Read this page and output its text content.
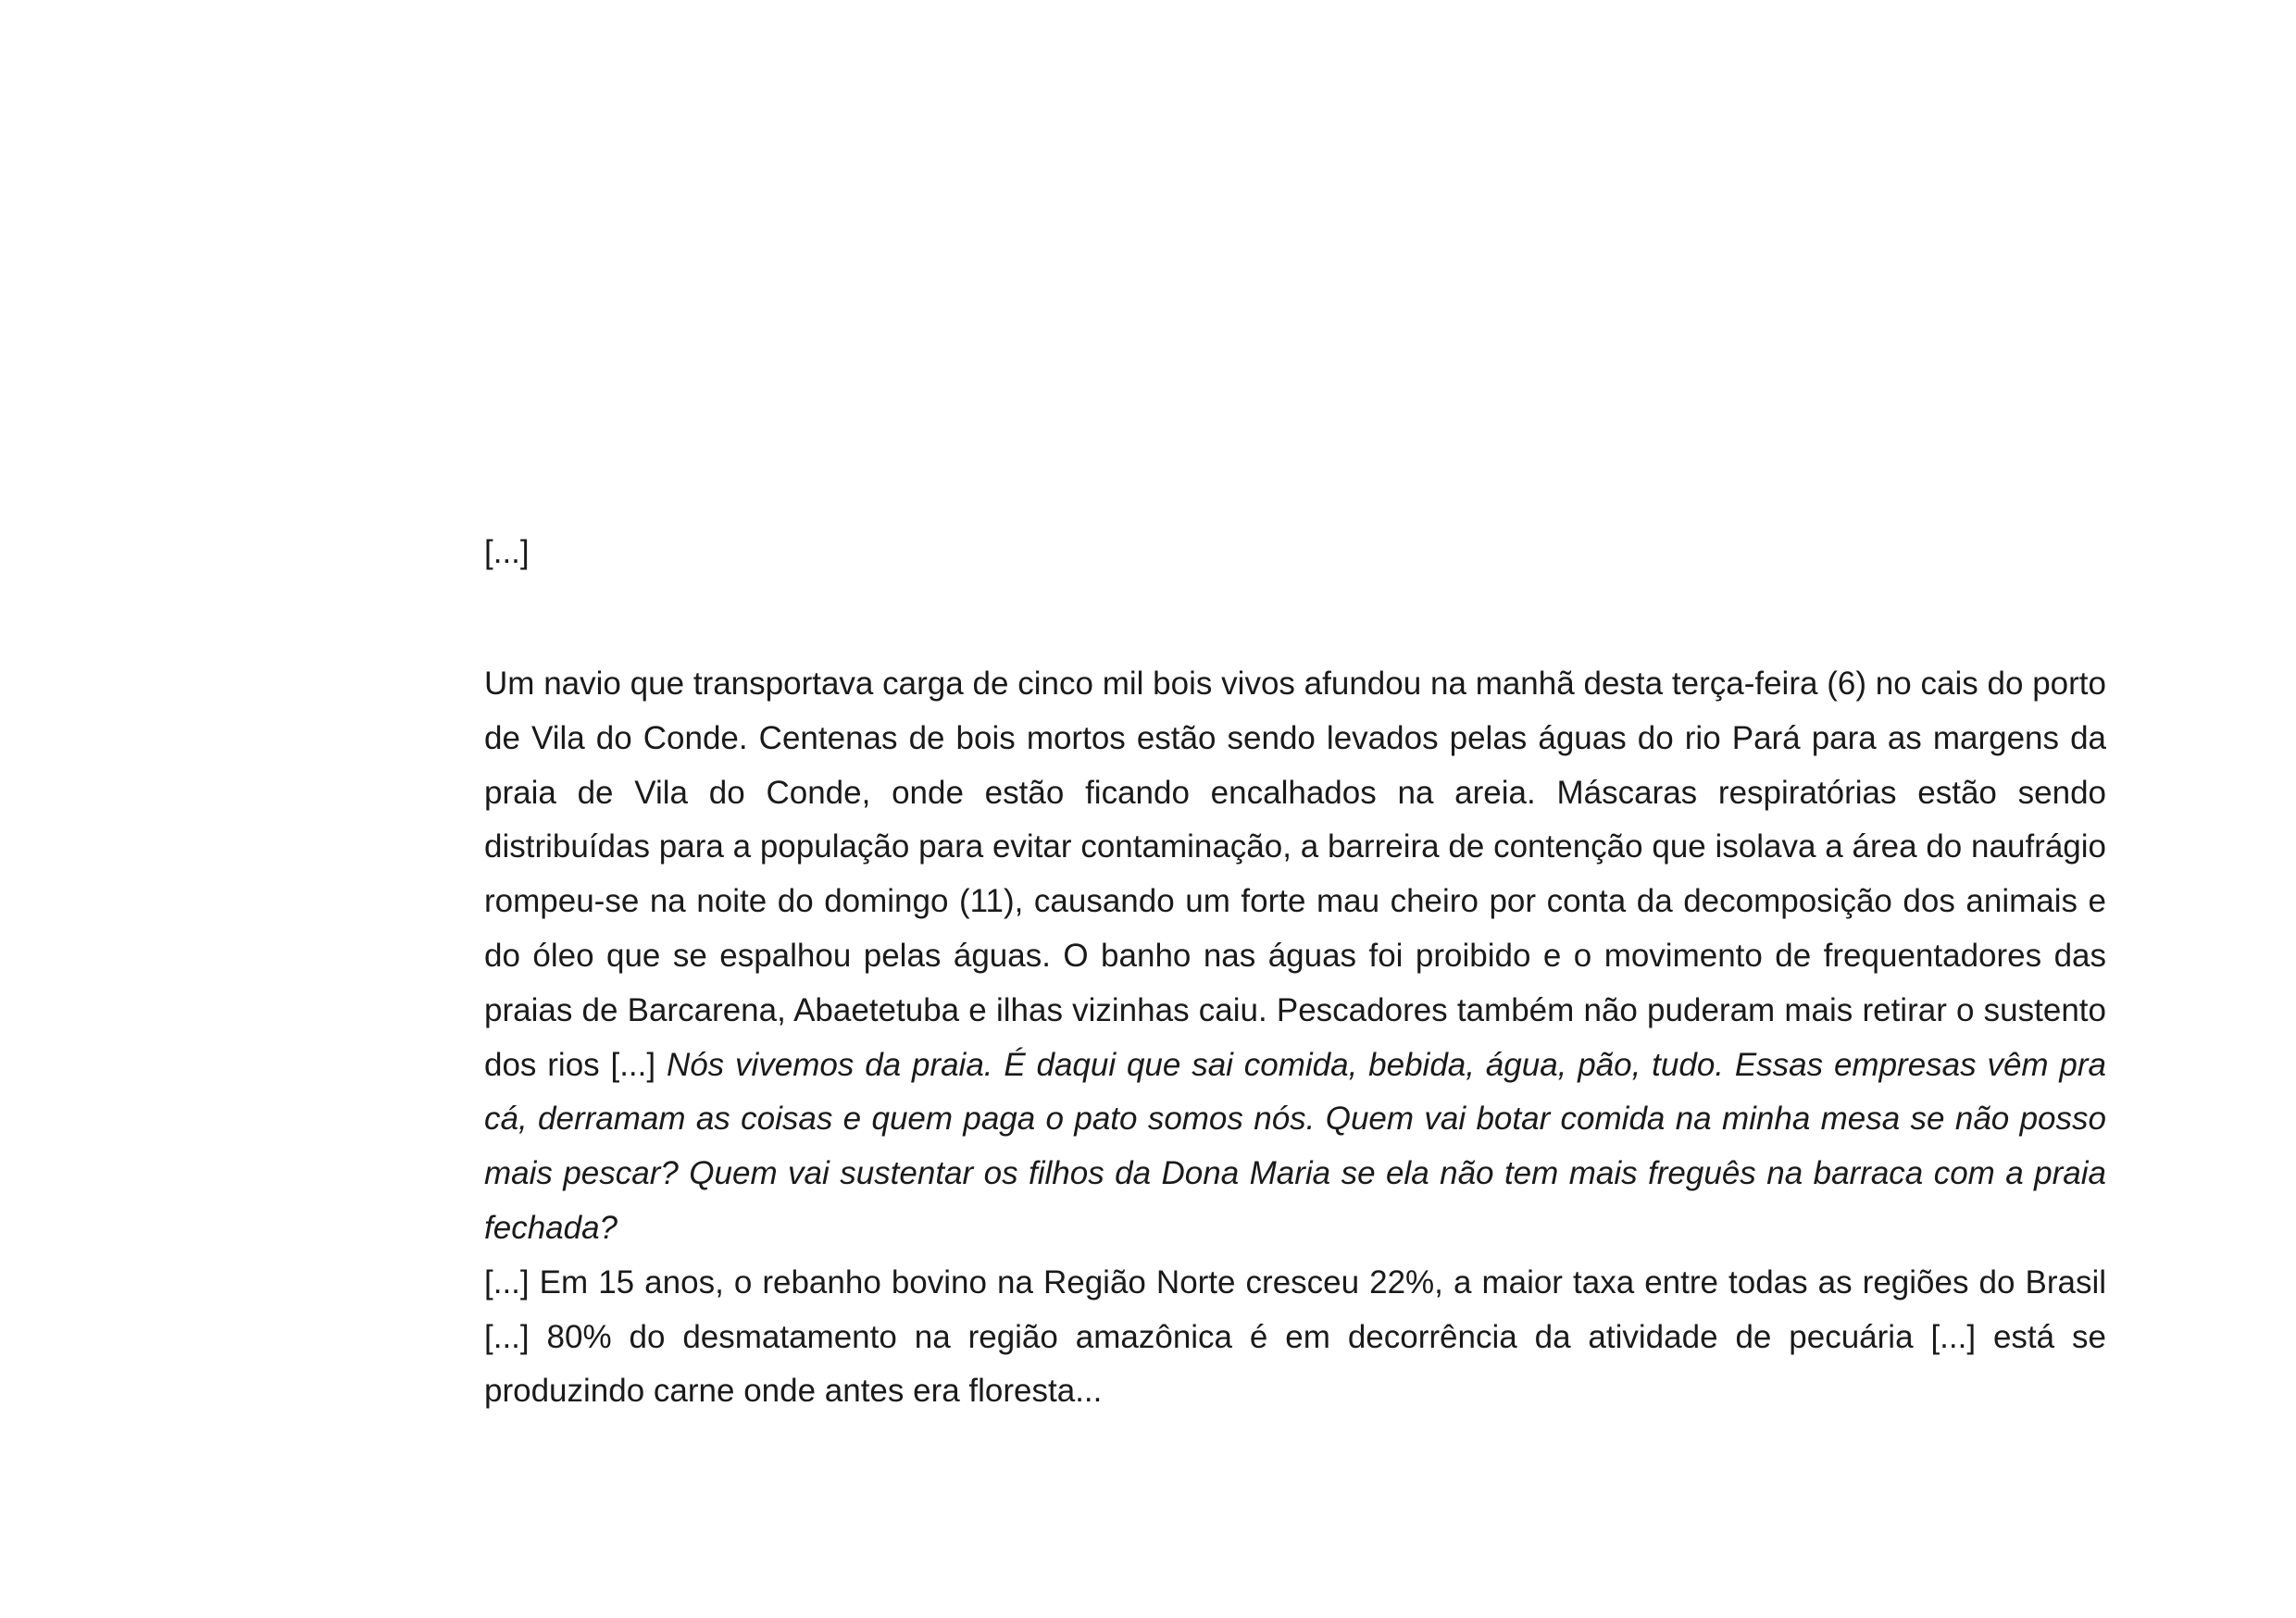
[...]

Um navio que transportava carga de cinco mil bois vivos afundou na manhã desta terça-feira (6) no cais do porto de Vila do Conde. Centenas de bois mortos estão sendo levados pelas águas do rio Pará para as margens da praia de Vila do Conde, onde estão ficando encalhados na areia. Máscaras respiratórias estão sendo distribuídas para a população para evitar contaminação, a barreira de contenção que isolava a área do naufrágio rompeu-se na noite do domingo (11), causando um forte mau cheiro por conta da decomposição dos animais e do óleo que se espalhou pelas águas. O banho nas águas foi proibido e o movimento de frequentadores das praias de Barcarena, Abaetetuba e ilhas vizinhas caiu. Pescadores também não puderam mais retirar o sustento dos rios [...] Nós vivemos da praia. É daqui que sai comida, bebida, água, pão, tudo. Essas empresas vêm pra cá, derramam as coisas e quem paga o pato somos nós. Quem vai botar comida na minha mesa se não posso mais pescar? Quem vai sustentar os filhos da Dona Maria se ela não tem mais freguês na barraca com a praia fechada?

[...] Em 15 anos, o rebanho bovino na Região Norte cresceu 22%, a maior taxa entre todas as regiões do Brasil [...] 80% do desmatamento na região amazônica é em decorrência da atividade de pecuária [...] está se produzindo carne onde antes era floresta...
